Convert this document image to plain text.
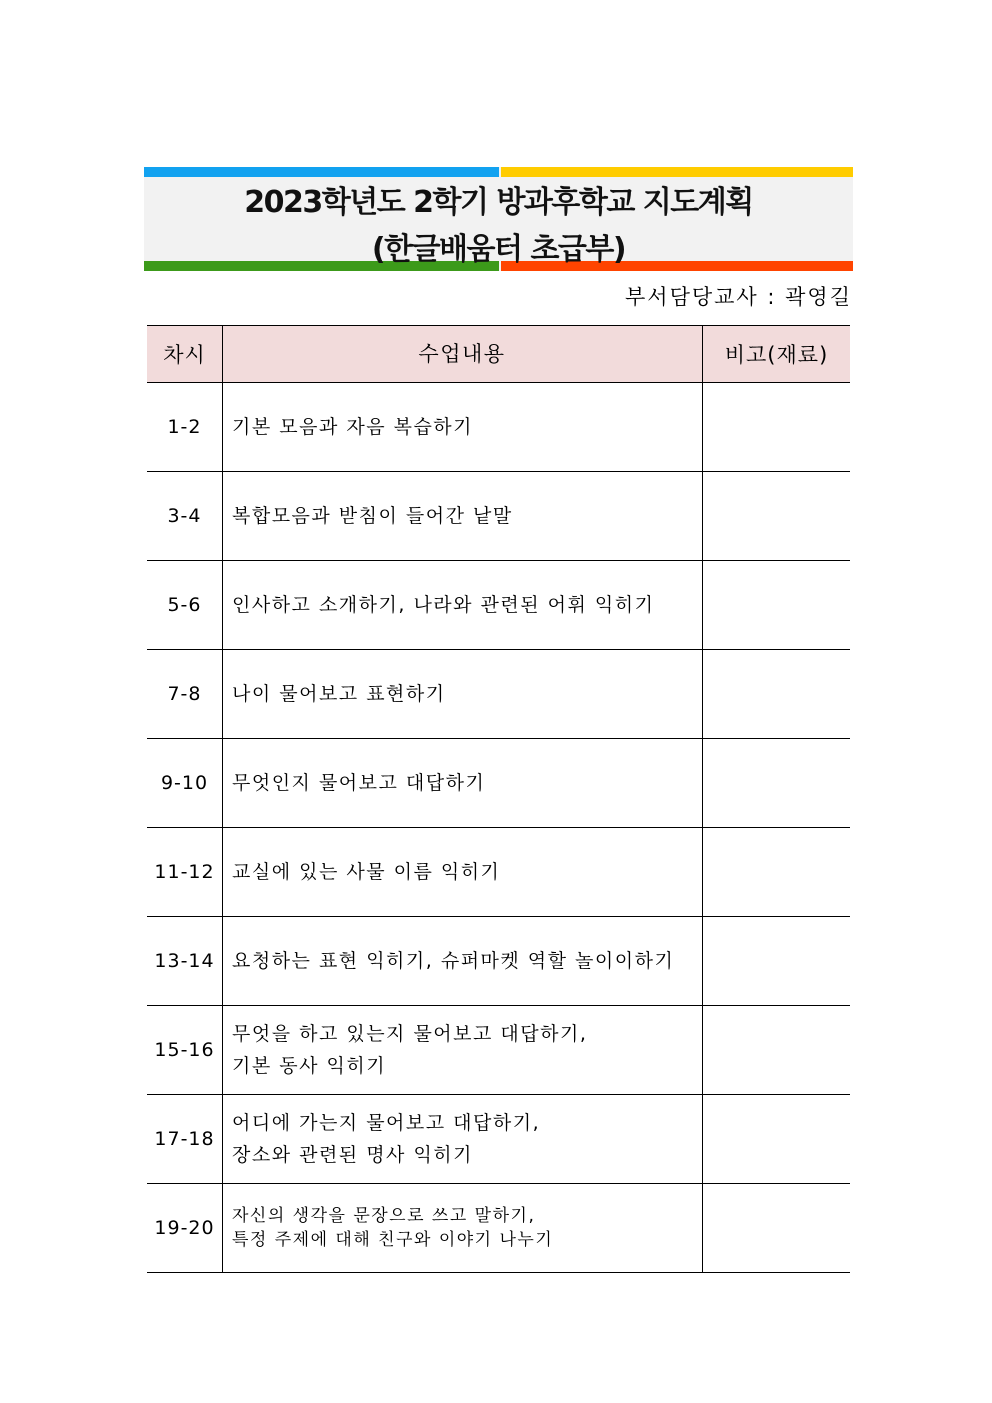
2023학년도 2학기 방과후학교 지도계획
(한글배움터 초급부)
부서담당교사 : 곽영길
차시	수업내용	비고(재료)
1-2	기본 모음과 자음 복습하기	

3-4	복합모음과 받침이 들어간 낱말	

5-6	인사하고 소개하기, 나라와 관련된 어휘 익히기	

7-8	나이 물어보고 표현하기	

9-10	무엇인지 물어보고 대답하기	

11-12	교실에 있는 사물 이름 익히기	

13-14	요청하는 표현 익히기, 슈퍼마켓 역할 놀이이하기	

15-16	무엇을 하고 있는지 물어보고 대답하기,
기본 동사 익히기	

17-18	어디에 가는지 물어보고 대답하기,
장소와 관련된 명사 익히기	

19-20	자신의 생각을 문장으로 쓰고 말하기,
특정 주제에 대해 친구와 이야기 나누기	
